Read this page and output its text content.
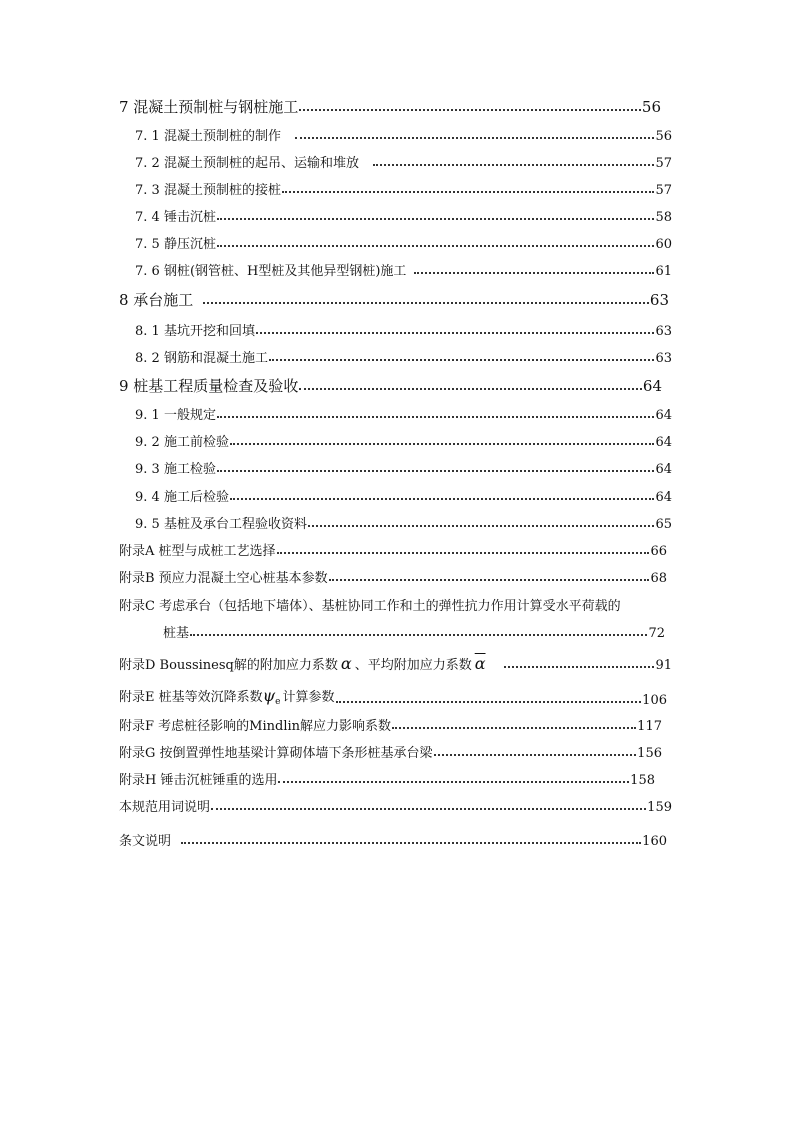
7 混凝土预制桩与钢桩施工	56
7. 1 混凝土预制桩的制作	56
7. 2 混凝土预制桩的起吊、运输和堆放	57
7. 3 混凝土预制桩的接桩	57
7. 4 锤击沉桩	58
7. 5 静压沉桩	60
7. 6 钢桩(钢管桩、H型桩及其他异型钢桩)施工	61
8 承台施工	63
8. 1 基坑开挖和回填	63
8. 2 钢筋和混凝土施工	63
9 桩基工程质量检查及验收	64
9. 1 一般规定	64
9. 2 施工前检验	64
9. 3 施工检验	64
9. 4 施工后检验	64
9. 5 基桩及承台工程验收资料	65
附录A 桩型与成桩工艺选择	66
附录B 预应力混凝土空心桩基本参数	68
附录C 考虑承台（包括地下墙体）、基桩协同工作和土的弹性抗力作用计算受水平荷载的
桩基	72
附录D Boussinesq解的附加应力系数 α 、平均附加应力系数 $\overline{\alpha}$	91
附录E 桩基等效沉降系数$\psi_e$ 计算参数	106
附录F 考虑桩径影响的Mindlin解应力影响系数	117
附录G 按倒置弹性地基梁计算砌体墙下条形桩基承台梁	156
附录H 锤击沉桩锤重的选用	158
本规范用词说明	159
条文说明	160
